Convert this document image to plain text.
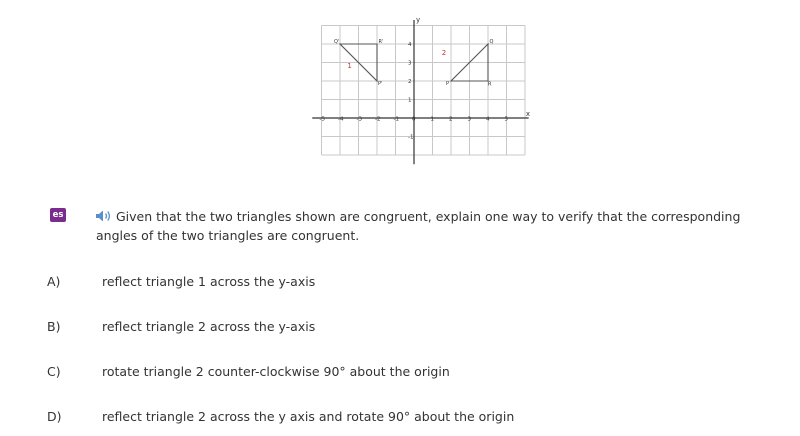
x
y
-5 -4 -3 -2 -1 0	1	2	3	4	5
4
3
2
1
-1
Q'	R'
P'
1
Q
P	R
2
es	Given that the two triangles shown are congruent, explain one way to verify that the corresponding angles of the two triangles are congruent.
A)	reflect triangle 1 across the y-axis
B)	reflect triangle 2 across the y-axis
C)	rotate triangle 2 counter-clockwise 90° about the origin
D)	reflect triangle 2 across the y axis and rotate 90° about the origin
